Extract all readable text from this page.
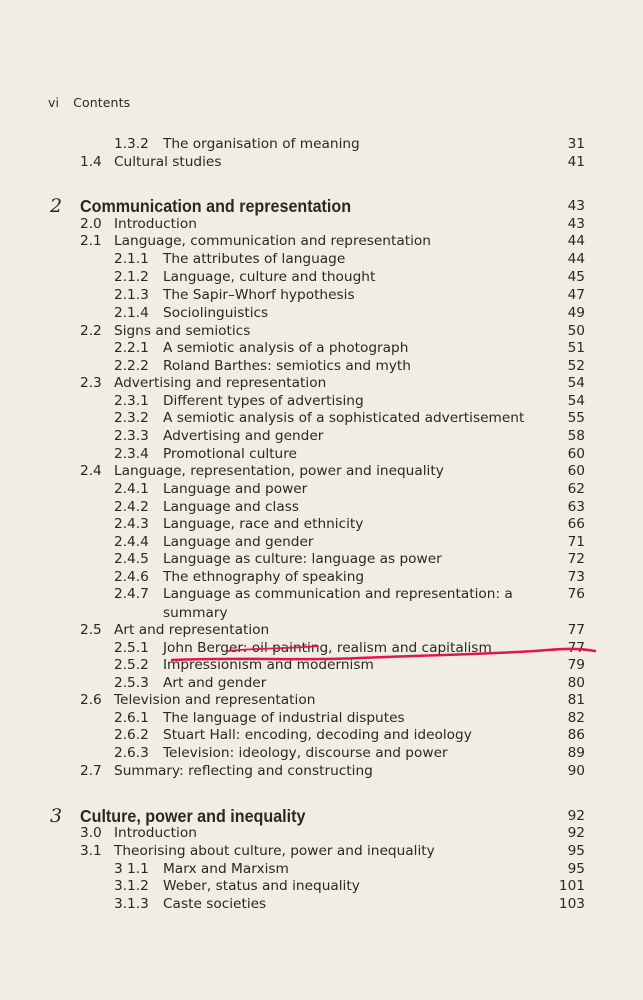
vi Contents
1.3.2 The organisation of meaning	31
1.4 Cultural studies	41
2 Communication and representation	43
2.0 Introduction	43
2.1 Language, communication and representation	44
2.1.1 The attributes of language	44
2.1.2 Language, culture and thought	45
2.1.3 The Sapir–Whorf hypothesis	47
2.1.4 Sociolinguistics	49
2.2 Signs and semiotics	50
2.2.1 A semiotic analysis of a photograph	51
2.2.2 Roland Barthes: semiotics and myth	52
2.3 Advertising and representation	54
2.3.1 Different types of advertising	54
2.3.2 A semiotic analysis of a sophisticated advertisement	55
2.3.3 Advertising and gender	58
2.3.4 Promotional culture	60
2.4 Language, representation, power and inequality	60
2.4.1 Language and power	62
2.4.2 Language and class	63
2.4.3 Language, race and ethnicity	66
2.4.4 Language and gender	71
2.4.5 Language as culture: language as power	72
2.4.6 The ethnography of speaking	73
2.4.7 Language as communication and representation: a	76
summary
2.5 Art and representation	77
2.5.1 John Berger: oil painting, realism and capitalism	77
2.5.2 Impressionism and modernism	79
2.5.3 Art and gender	80
2.6 Television and representation	81
2.6.1 The language of industrial disputes	82
2.6.2 Stuart Hall: encoding, decoding and ideology	86
2.6.3 Television: ideology, discourse and power	89
2.7 Summary: reflecting and constructing	90
3 Culture, power and inequality	92
3.0 Introduction	92
3.1 Theorising about culture, power and inequality	95
3 1.1 Marx and Marxism	95
3.1.2 Weber, status and inequality	101
3.1.3 Caste societies	103
